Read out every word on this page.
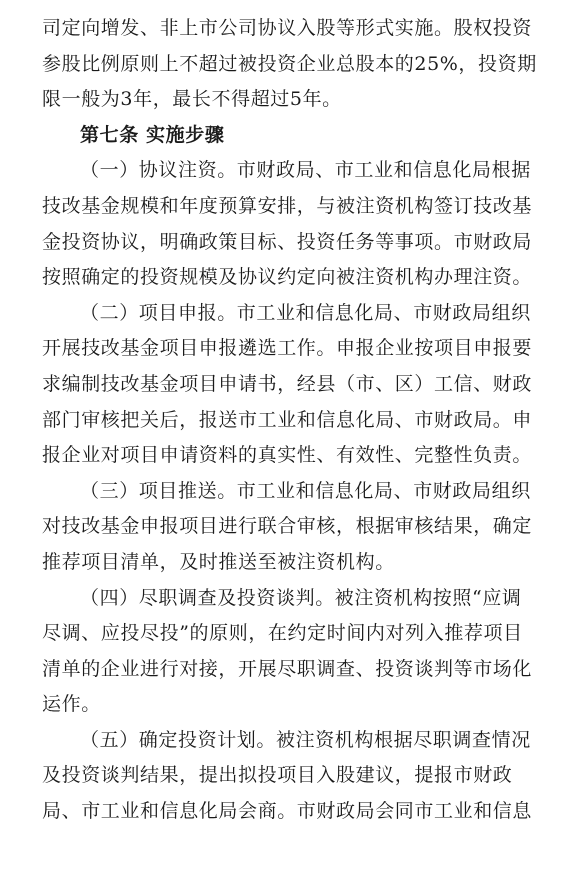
司定向增发、非上市公司协议入股等形式实施。股权投资
参股比例原则上不超过被投资企业总股本的25%，投资期
限一般为3年，最长不得超过5年。
第七条 实施步骤
（一）协议注资。市财政局、市工业和信息化局根据
技改基金规模和年度预算安排，与被注资机构签订技改基
金投资协议，明确政策目标、投资任务等事项。市财政局
按照确定的投资规模及协议约定向被注资机构办理注资。
（二）项目申报。市工业和信息化局、市财政局组织
开展技改基金项目申报遴选工作。申报企业按项目申报要
求编制技改基金项目申请书，经县（市、区）工信、财政
部门审核把关后，报送市工业和信息化局、市财政局。申
报企业对项目申请资料的真实性、有效性、完整性负责。
（三）项目推送。市工业和信息化局、市财政局组织
对技改基金申报项目进行联合审核，根据审核结果，确定
推荐项目清单，及时推送至被注资机构。
（四）尽职调查及投资谈判。被注资机构按照“应调
尽调、应投尽投”的原则，在约定时间内对列入推荐项目
清单的企业进行对接，开展尽职调查、投资谈判等市场化
运作。
（五）确定投资计划。被注资机构根据尽职调查情况
及投资谈判结果，提出拟投项目入股建议，提报市财政
局、市工业和信息化局会商。市财政局会同市工业和信息
